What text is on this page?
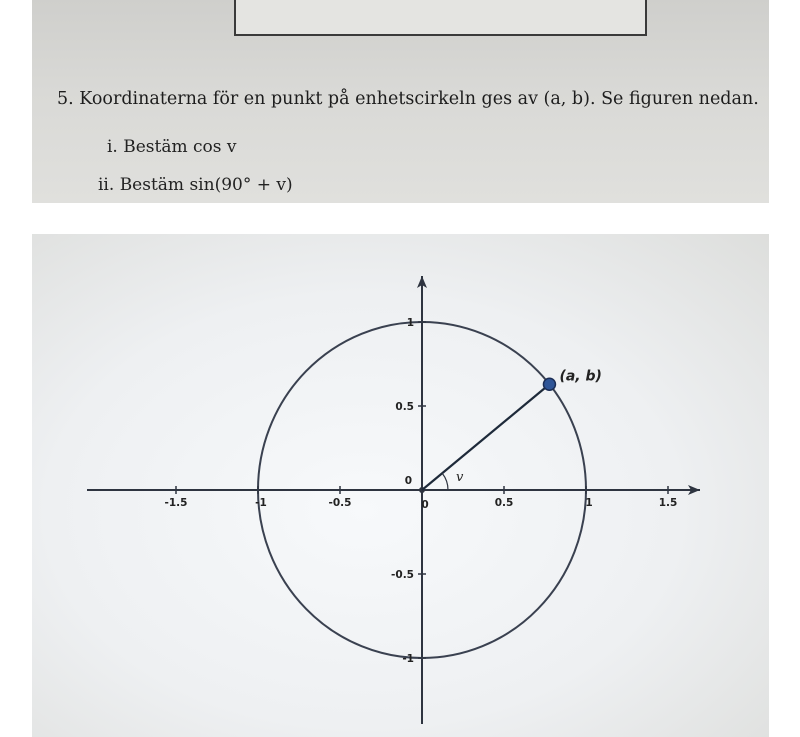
5. Koordinaterna för en punkt på enhetscirkeln ges av (a, b). Se figuren nedan.

i. Bestäm cos v

ii. Bestäm sin(90° + v)

-1.5	-1	-0.5	0	0.5	1	1.5
-1
-0.5
0.5
1
0
(a, b)
v
